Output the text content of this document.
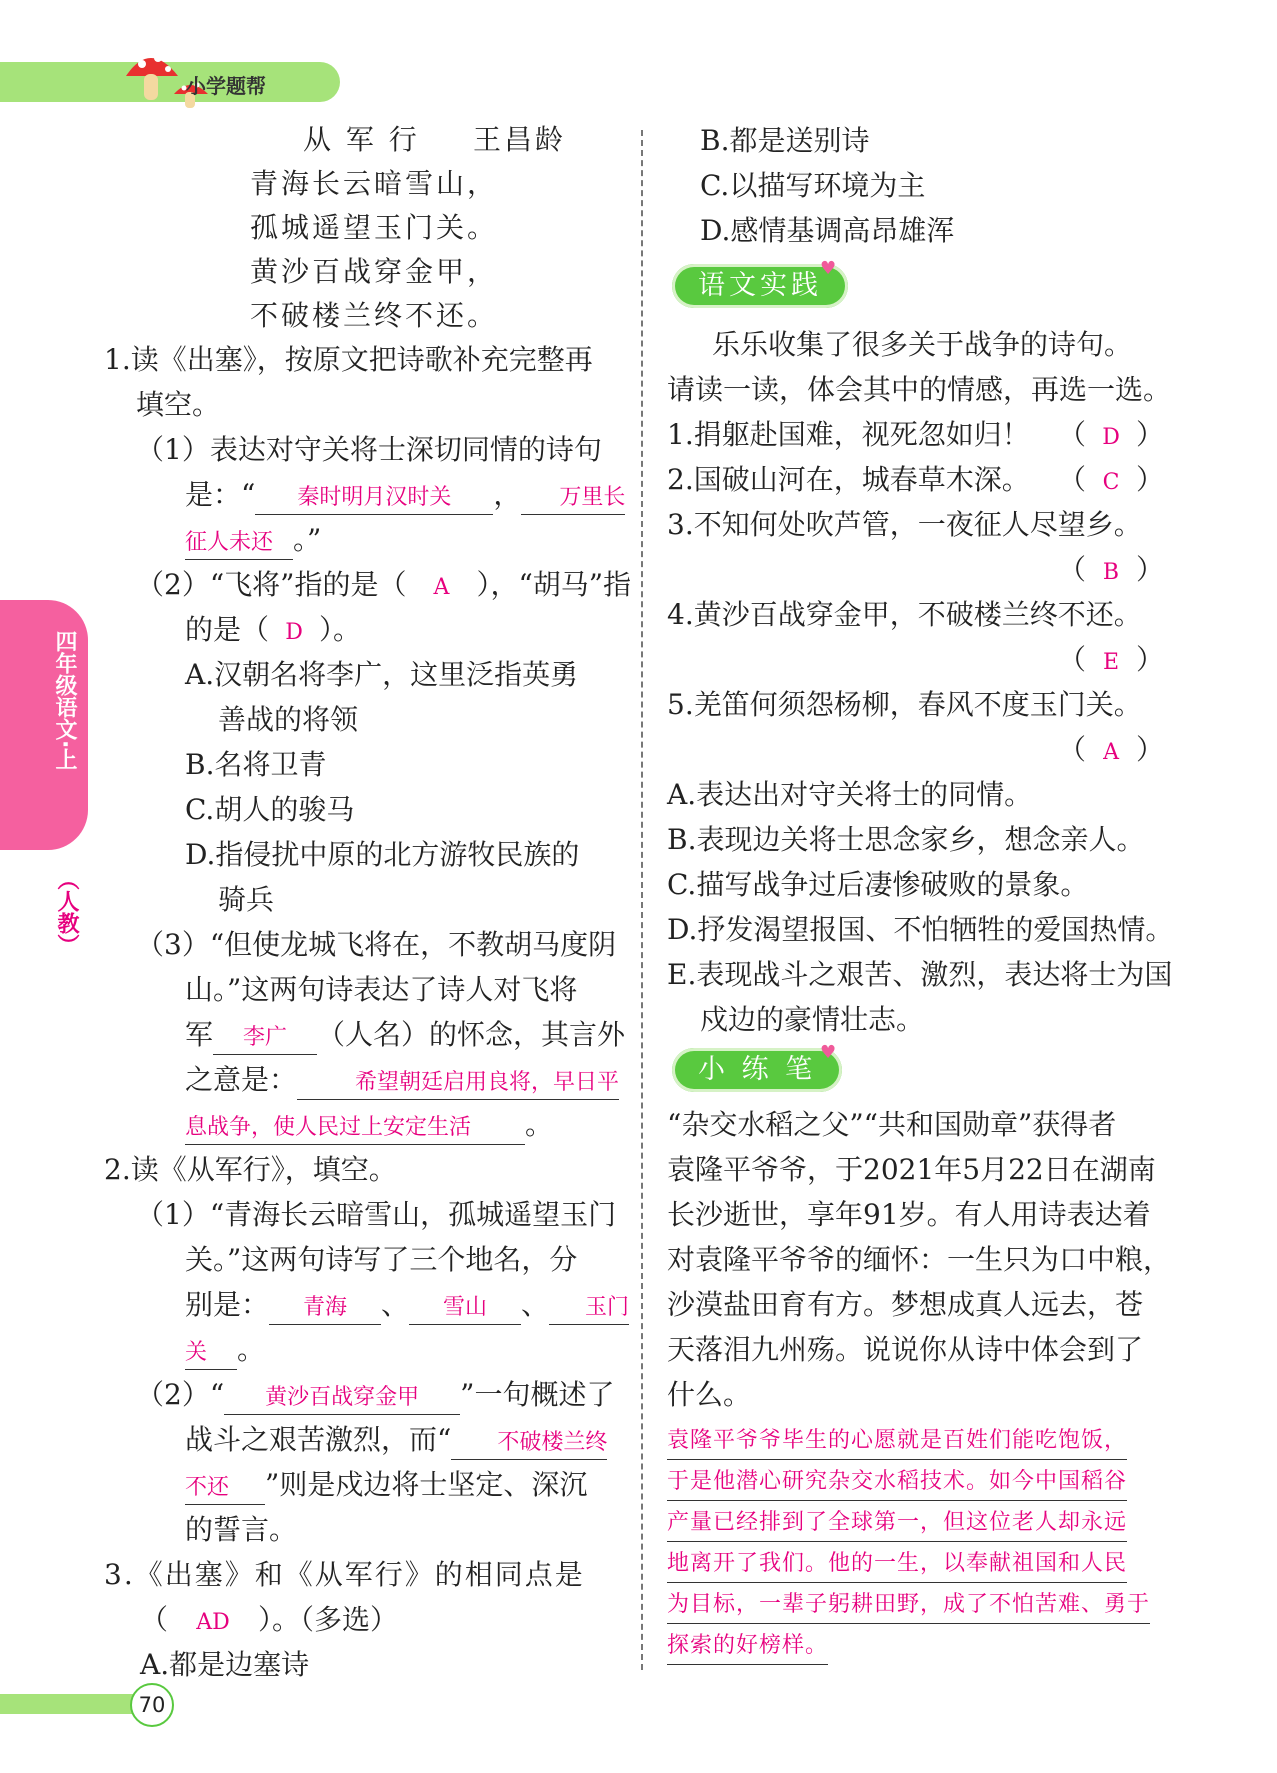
小学题帮
四年级语文·上
（人教）
从 军 行 王昌龄
青海长云暗雪山，
孤城遥望玉门关。
黄沙百战穿金甲，
不破楼兰终不还。
1.读《出塞》，按原文把诗歌补充完整再
填空。
（1）表达对守关将士深切同情的诗句
是：“ 秦时明月汉时关 ， 万里长
征人未还 。”
（2）“飞将”指的是（ A ），“胡马”指
的是（ D ）。
A.汉朝名将李广，这里泛指英勇
善战的将领
B.名将卫青
C.胡人的骏马
D.指侵扰中原的北方游牧民族的
骑兵
（3）“但使龙城飞将在，不教胡马度阴
山。”这两句诗表达了诗人对飞将
军 李广 （人名）的怀念，其言外
之意是：	希望朝廷启用良将，早日平
息战争，使人民过上安定生活 。
2.读《从军行》，填空。
（1）“青海长云暗雪山，孤城遥望玉门
关。”这两句诗写了三个地名，分
别是： 青海 、 雪山 、 玉门
关 。
（2）“ 黄沙百战穿金甲 ”一句概述了
战斗之艰苦激烈，而“ 不破楼兰终
不还 ”则是戍边将士坚定、深沉
的誓言。
3.《出塞》和《从军行》的相同点是
（ AD ）。（多选）
A.都是边塞诗
B.都是送别诗
C.以描写环境为主
D.感情基调高昂雄浑
语文实践
♥
乐乐收集了很多关于战争的诗句。
请读一读，体会其中的情感，再选一选。
1.捐躯赴国难，视死忽如归！ （ D ）
2.国破山河在，城春草木深。 （ C ）
3.不知何处吹芦管，一夜征人尽望乡。
（ B ）
4.黄沙百战穿金甲，不破楼兰终不还。
（ E ）
5.羌笛何须怨杨柳，春风不度玉门关。
（ A ）
A.表达出对守关将士的同情。
B.表现边关将士思念家乡，想念亲人。
C.描写战争过后凄惨破败的景象。
D.抒发渴望报国、不怕牺牲的爱国热情。
E.表现战斗之艰苦、激烈，表达将士为国
戍边的豪情壮志。
小 练 笔
♥
“杂交水稻之父”“共和国勋章”获得者
袁隆平爷爷，于2021年5月22日在湖南
长沙逝世，享年91岁。有人用诗表达着
对袁隆平爷爷的缅怀：一生只为口中粮，
沙漠盐田育有方。梦想成真人远去，苍
天落泪九州殇。说说你从诗中体会到了
什么。
袁隆平爷爷毕生的心愿就是百姓们能吃饱饭，
于是他潜心研究杂交水稻技术。如今中国稻谷
产量已经排到了全球第一，但这位老人却永远
地离开了我们。他的一生，以奉献祖国和人民
为目标，一辈子躬耕田野，成了不怕苦难、勇于
探索的好榜样。
70
